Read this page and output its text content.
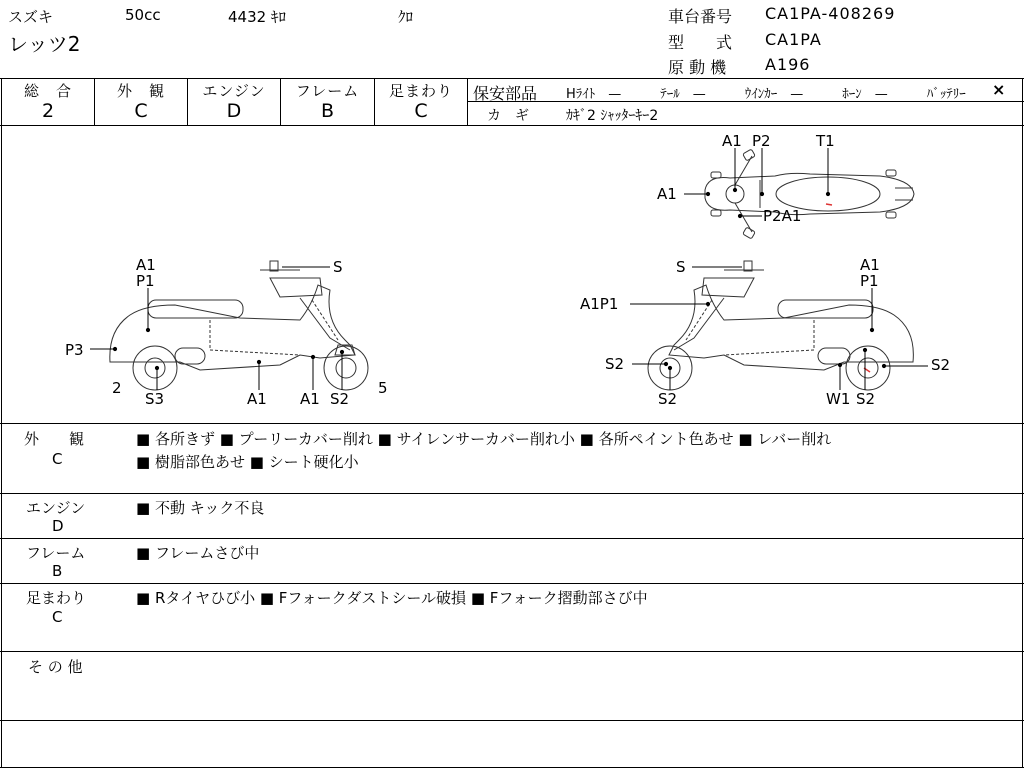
スズキ	50cc	4432 ｷﾛ	ｸﾛ
レッツ2
車台番号 CA1PA-408269
型　　式 CA1PA
原 動 機 A196
総　合	外　観	エンジン	フレーム	足まわり
2	C	D	B	C
保安部品 Hﾗｲﾄ　—　　　ﾃｰﾙ　—　　　ｳｲﾝｶｰ　—　　　ﾎｰﾝ　—　　　ﾊﾞｯﾃﾘｰ ×
カ　ギ	ｶｷﾞ2 ｼｬｯﾀｰｷｰ2
A1 P2	T1
A1
P2A1
A1
P1
S
P3
2
S3	A1 A1 S2
5
S	A1
P1
A1P1
S2
S2	W1 S2
S2
外　　観
C
■ 各所きず ■ プーリーカバー削れ ■ サイレンサーカバー削れ小 ■ 各所ペイント色あせ ■ レバー削れ
■ 樹脂部色あせ ■ シート硬化小
エンジン
D
■ 不動 キック不良
フレーム
B
■ フレームさび中
足まわり
C
■ Rタイヤひび小 ■ Fフォークダストシール破損 ■ Fフォーク摺動部さび中
そ の 他
